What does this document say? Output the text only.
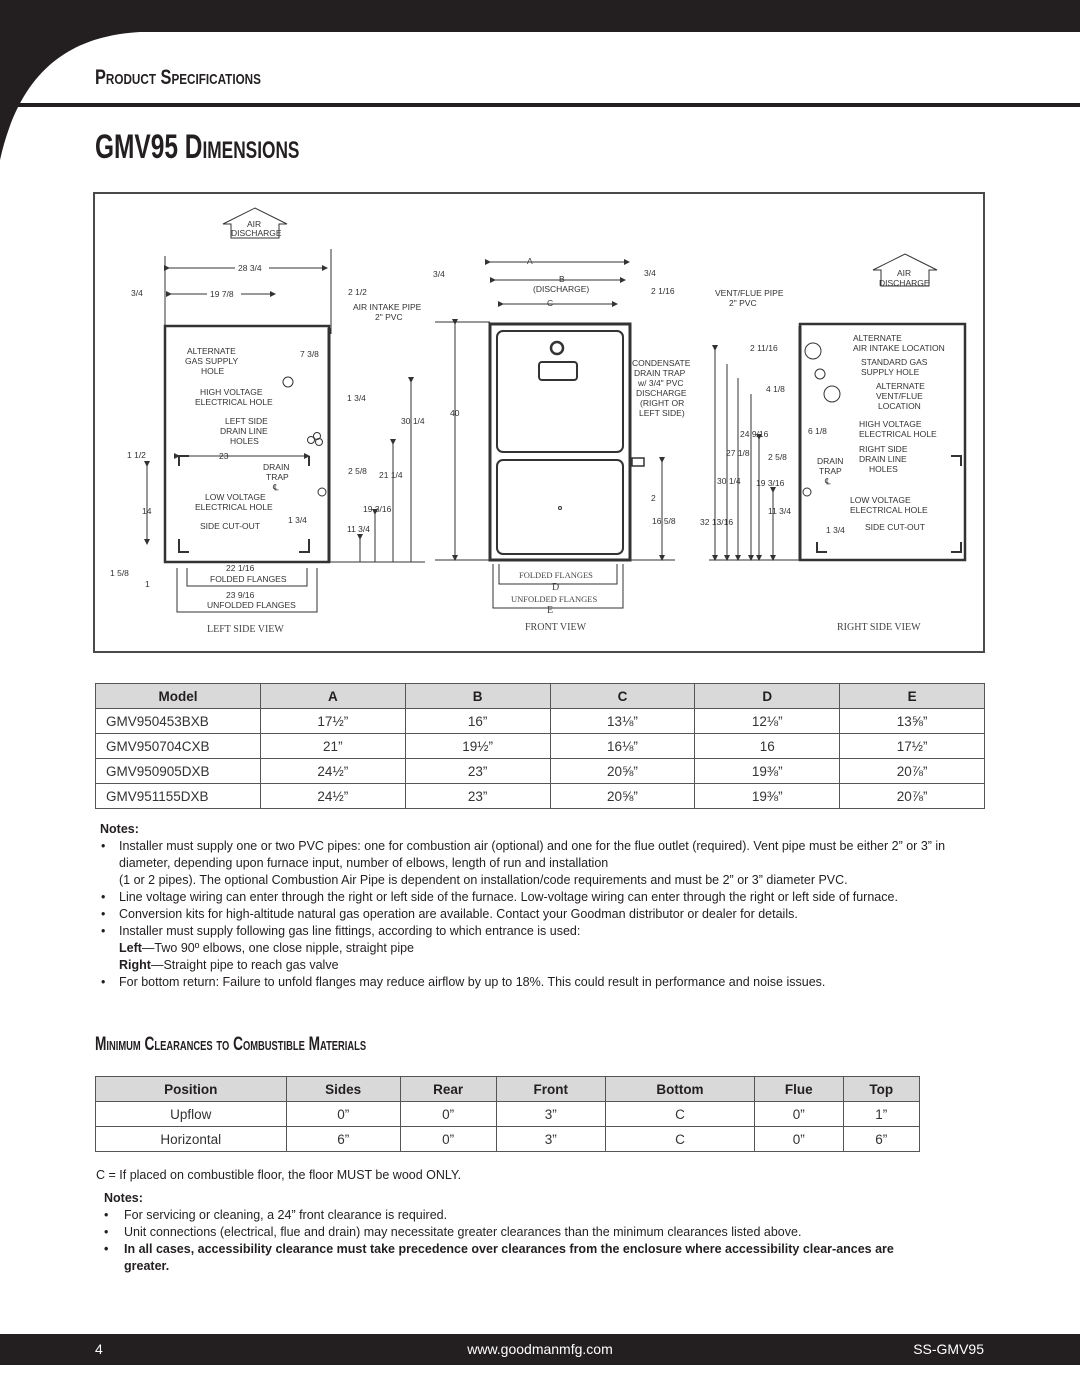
Product Specifications
GMV95 Dimensions
AIR
DISCHARGE
28 3/4
19 7/8
3/4	2 1/2
AIR INTAKE PIPE
2" PVC
ALTERNATE
GAS SUPPLY
HOLE
7 3/8
HIGH VOLTAGE
ELECTRICAL HOLE	1 3/4
LEFT SIDE
DRAIN LINE
HOLES
23
1 1/2
DRAIN
TRAP
℄
2 5/8
LOW VOLTAGE
ELECTRICAL HOLE
SIDE CUT-OUT
1 3/4
14
11 3/4
19 3/16
21 1/4
30 1/4
1 5/8
1
22 1/16
FOLDED FLANGES
23 9/16
UNFOLDED FLANGES
LEFT SIDE VIEW
A
B
(DISCHARGE)
C
3/4	3/4
2 1/16
40
2
16 5/8
CONDENSATE
DRAIN TRAP
w/ 3/4" PVC
DISCHARGE
(RIGHT OR
LEFT SIDE)
FOLDED FLANGES
D
UNFOLDED FLANGES
E
FRONT VIEW
AIR
DISCHARGE
VENT/FLUE PIPE
2" PVC
ALTERNATE
AIR INTAKE LOCATION
STANDARD GAS
SUPPLY HOLE
ALTERNATE
VENT/FLUE
LOCATION
HIGH VOLTAGE
ELECTRICAL HOLE
RIGHT SIDE
DRAIN LINE
HOLES
DRAIN
TRAP
℄
LOW VOLTAGE
ELECTRICAL HOLE
SIDE CUT-OUT
2 11/16
4 1/8
6 1/8
24 9/16
27 1/8 2 5/8
30 1/4 19 3/16
11 3/4
32 13/16
1 3/4
RIGHT SIDE VIEW
Model	A	B	C	D	E
GMV950453BXB	17½”	16”	13⅛”	12⅛”	13⅝”
GMV950704CXB	21”	19½”	16⅛”	16	17½”
GMV950905DXB	24½”	23”	20⅝”	19⅜”	20⅞”
GMV951155DXB	24½”	23”	20⅝”	19⅜”	20⅞”
Notes:
• Installer must supply one or two PVC pipes: one for combustion air (optional) and one for the flue outlet (required). Vent pipe must be either 2” or 3” in diameter, depending upon furnace input, number of elbows, length of run and installation
(1 or 2 pipes). The optional Combustion Air Pipe is dependent on installation/code requirements and must be 2” or 3” diameter PVC.
• Line voltage wiring can enter through the right or left side of the furnace. Low-voltage wiring can enter through the right or left side of furnace.
• Conversion kits for high-altitude natural gas operation are available. Contact your Goodman distributor or dealer for details.
• Installer must supply following gas line fittings, according to which entrance is used:
Left—Two 90º elbows, one close nipple, straight pipe
Right—Straight pipe to reach gas valve
• For bottom return: Failure to unfold flanges may reduce airflow by up to 18%. This could result in performance and noise issues.
Minimum Clearances to Combustible Materials
Position	Sides	Rear	Front	Bottom	Flue	Top
Upflow	0”	0”	3”	C	0”	1”
Horizontal	6”	0”	3”	C	0”	6”
C = If placed on combustible floor, the floor MUST be wood ONLY.
Notes:
• For servicing or cleaning, a 24” front clearance is required.
• Unit connections (electrical, flue and drain) may necessitate greater clearances than the minimum clearances listed above.
• In all cases, accessibility clearance must take precedence over clearances from the enclosure where accessibility clear-ances are greater.
4	www.goodmanmfg.com	SS-GMV95
